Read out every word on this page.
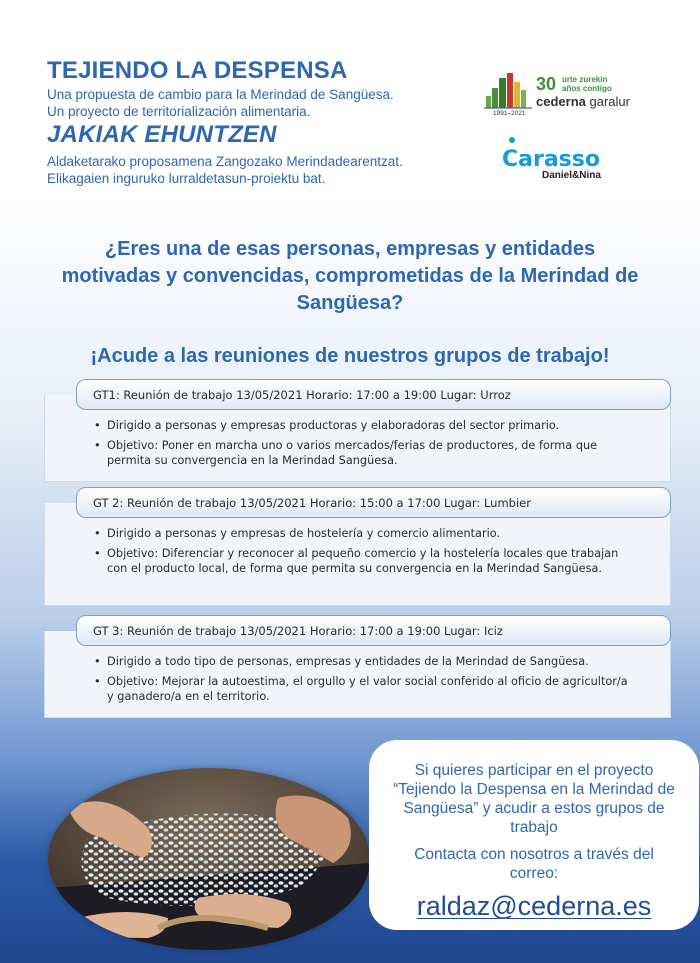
TEJIENDO LA DESPENSA
Una propuesta de cambio para la Merindad de Sangüesa.
Un proyecto de territorialización alimentaria.
JAKIAK EHUNTZEN
Aldaketarako proposamena Zangozako Merindadearentzat.
Elikagaien inguruko lurraldetasun-proiektu bat.
1991–2021
30 urte zurekin
años contigo
cederna garalur
Carasso
Daniel&Nina
¿Eres una de esas personas, empresas y entidades
motivadas y convencidas, comprometidas de la Merindad de
Sangüesa?
¡Acude a las reuniones de nuestros grupos de trabajo!
• Dirigido a personas y empresas productoras y elaboradoras del sector primario.
• Objetivo: Poner en marcha uno o varios mercados/ferias de productores, de forma que permita su convergencia en la Merindad Sangüesa.
GT1: Reunión de trabajo 13/05/2021 Horario: 17:00 a 19:00 Lugar: Urroz
• Dirigido a personas y empresas de hostelería y comercio alimentario.
• Objetivo: Diferenciar y reconocer al pequeño comercio y la hostelería locales que trabajan con el producto local, de forma que permita su convergencia en la Merindad Sangüesa.
GT 2: Reunión de trabajo 13/05/2021 Horario: 15:00 a 17:00 Lugar: Lumbier
• Dirigido a todo tipo de personas, empresas y entidades de la Merindad de Sangüesa.
• Objetivo: Mejorar la autoestima, el orgullo y el valor social conferido al oficio de agricultor/a y ganadero/a en el territorio.
GT 3: Reunión de trabajo 13/05/2021 Horario: 17:00 a 19:00 Lugar: Iciz

Si quieres participar en el proyecto “Tejiendo la Despensa en la Merindad de Sangüesa” y acudir a estos grupos de trabajo

Contacta con nosotros a través del correo:

raldaz@cederna.es
